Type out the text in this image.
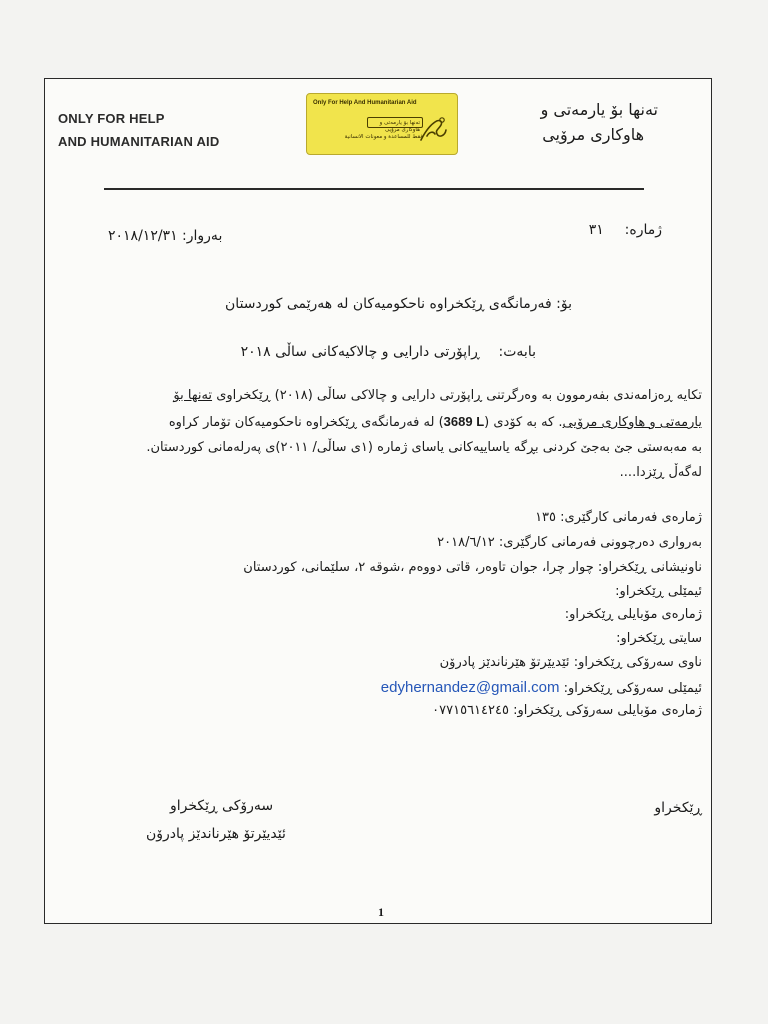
ONLY FOR HELP
AND HUMANITARIAN AID
Only For Help And Humanitarian Aid
تەنها بۆ یارمەتی و هاوکاری مرۆیی
فقط للمساعدة و معونات الانسانية
تەنها بۆ یارمەتی و
هاوکاری مرۆیی
ژمارە:  ٣١
بەروار: ٢٠١٨/١٢/٣١
بۆ: فەرمانگەی ڕێکخراوە ناحکومیەکان لە هەرێمی کوردستان
بابەت:  ڕاپۆرتی دارایی و چالاکیەکانی ساڵی ٢٠١٨
تکایە ڕەزامەندی بفەرموون بە وەرگرتنی ڕاپۆرتی دارایی و چالاکی ساڵی (٢٠١٨) ڕێکخراوی تەنها بۆ
یارمەتی و هاوکاری مرۆیی. کە بە کۆدی (3689 L) لە فەرمانگەی ڕێکخراوە ناحکومیەکان تۆمار کراوە
بە مەبەستی جێ بەجێ کردنی بڕگە یاساییەکانی یاسای ژمارە (١ی ساڵی/ ٢٠١١)ی پەرلەمانی کوردستان.
لەگەڵ ڕێزدا....
ژمارەی فەرمانی کارگێری: ١٣٥
بەرواری دەرچوونی فەرمانی کارگێری: ٢٠١٨/٦/١٢
ناونیشانی ڕێکخراو: چوار چرا، جوان تاوەر، قاتی دووەم ،شوقە ٢، سلێمانی، کوردستان
ئیمێلی ڕێکخراو:
ژمارەی مۆبایلی ڕێکخراو:
سایتی ڕێکخراو:
ناوی سەرۆکی ڕێکخراو: ئێدیێرتۆ هێرناندێز پادرۆن
ئیمێلی سەرۆکی ڕێکخراو: edyhernandez@gmail.com
ژمارەی مۆبایلی سەرۆکی ڕێکخراو: ٠٧٧١٥٦١٤٢٤٥
ڕێکخراو
سەرۆکی ڕێکخراو
ئێدیێرتۆ هێرناندێز پادرۆن
1
